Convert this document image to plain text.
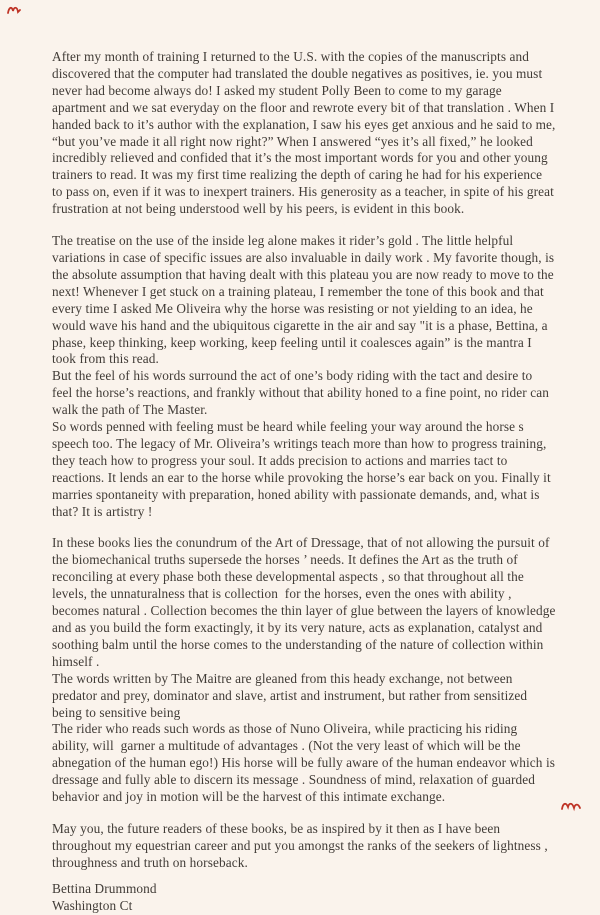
After my month of training I returned to the U.S. with the copies of the manuscripts and discovered that the computer had translated the double negatives as positives, ie. you must never had become always do! I asked my student Polly Been to come to my garage apartment and we sat everyday on the floor and rewrote every bit of that translation . When I handed back to it’s author with the explanation, I saw his eyes get anxious and he said to me, “but you’ve made it all right now right?” When I answered “yes it’s all fixed,” he looked incredibly relieved and confided that it’s the most important words for you and other young trainers to read. It was my first time realizing the depth of caring he had for his experience to pass on, even if it was to inexpert trainers. His generosity as a teacher, in spite of his great frustration at not being understood well by his peers, is evident in this book.

The treatise on the use of the inside leg alone makes it rider’s gold . The little helpful variations in case of specific issues are also invaluable in daily work . My favorite though, is the absolute assumption that having dealt with this plateau you are now ready to move to the next! Whenever I get stuck on a training plateau, I remember the tone of this book and that every time I asked Me Oliveira why the horse was resisting or not yielding to an idea, he would wave his hand and the ubiquitous cigarette in the air and say "it is a phase, Bettina, a phase, keep thinking, keep working, keep feeling until it coalesces again” is the mantra I took from this read.

But the feel of his words surround the act of one’s body riding with the tact and desire to feel the horse’s reactions, and frankly without that ability honed to a fine point, no rider can walk the path of The Master.

So words penned with feeling must be heard while feeling your way around the horse s speech too. The legacy of Mr. Oliveira’s writings teach more than how to progress training, they teach how to progress your soul. It adds precision to actions and marries tact to reactions. It lends an ear to the horse while provoking the horse’s ear back on you. Finally it marries spontaneity with preparation, honed ability with passionate demands, and, what is that? It is artistry !

In these books lies the conundrum of the Art of Dressage, that of not allowing the pursuit of the biomechanical truths supersede the horses ’ needs. It defines the Art as the truth of reconciling at every phase both these developmental aspects , so that throughout all the levels, the unnaturalness that is collection  for the horses, even the ones with ability , becomes natural . Collection becomes the thin layer of glue between the layers of knowledge and as you build the form exactingly, it by its very nature, acts as explanation, catalyst and soothing balm until the horse comes to the understanding of the nature of collection within himself .

The words written by The Maitre are gleaned from this heady exchange, not between predator and prey, dominator and slave, artist and instrument, but rather from sensitized being to sensitive being

The rider who reads such words as those of Nuno Oliveira, while practicing his riding ability, will  garner a multitude of advantages . (Not the very least of which will be the abnegation of the human ego!) His horse will be fully aware of the human endeavor which is dressage and fully able to discern its message . Soundness of mind, relaxation of guarded behavior and joy in motion will be the harvest of this intimate exchange.

May you, the future readers of these books, be as inspired by it then as I have been throughout my equestrian career and put you amongst the ranks of the seekers of lightness , throughness and truth on horseback.

Bettina Drummond

Washington Ct
